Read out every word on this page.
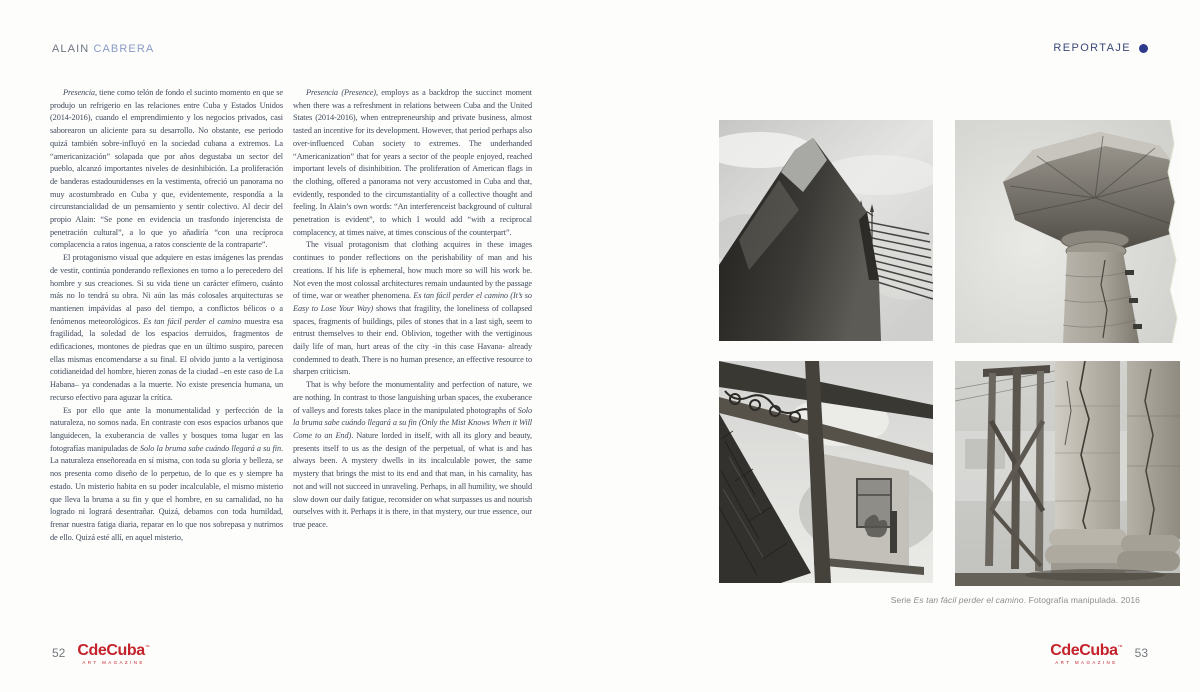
ALAIN CABRERA	REPORTAJE

Presencia, tiene como telón de fondo el sucinto momento en que se produjo un refrigerio en las relaciones entre Cuba y Estados Unidos (2014-2016), cuando el emprendimiento y los negocios privados, casi saborearon un aliciente para su desarrollo. No obstante, ese periodo quizá también sobre-influyó en la sociedad cubana a extremos. La “americanización” solapada que por años degustaba un sector del pueblo, alcanzó importantes niveles de desinhibición. La proliferación de banderas estadounidenses en la vestimenta, ofreció un panorama no muy acostumbrado en Cuba y que, evidentemente, respondía a la circunstancialidad de un pensamiento y sentir colectivo. Al decir del propio Alain: “Se pone en evidencia un trasfondo injerencista de penetración cultural”, a lo que yo añadiría “con una recíproca complacencia a ratos ingenua, a ratos consciente de la contraparte”.

El protagonismo visual que adquiere en estas imágenes las prendas de vestir, continúa ponderando reflexiones en torno a lo perecedero del hombre y sus creaciones. Si su vida tiene un carácter efímero, cuánto más no lo tendrá su obra. Ni aún las más colosales arquitecturas se mantienen impávidas al paso del tiempo, a conflictos bélicos o a fenómenos meteorológicos. Es tan fácil perder el camino muestra esa fragilidad, la soledad de los espacios derruidos, fragmentos de edificaciones, montones de piedras que en un último suspiro, parecen ellas mismas encomendarse a su final. El olvido junto a la vertiginosa cotidianeidad del hombre, hieren zonas de la ciudad –en este caso de La Habana– ya condenadas a la muerte. No existe presencia humana, un recurso efectivo para aguzar la crítica.

Es por ello que ante la monumentalidad y perfección de la naturaleza, no somos nada. En contraste con esos espacios urbanos que languidecen, la exuberancia de valles y bosques toma lugar en las fotografías manipuladas de Solo la bruma sabe cuándo llegará a su fin. La naturaleza enseñoreada en sí misma, con toda su gloria y belleza, se nos presenta como diseño de lo perpetuo, de lo que es y siempre ha estado. Un misterio habita en su poder incalculable, el mismo misterio que lleva la bruma a su fin y que el hombre, en su carnalidad, no ha logrado ni logrará desentrañar. Quizá, debamos con toda humildad, frenar nuestra fatiga diaria, reparar en lo que nos sobrepasa y nutrirnos de ello. Quizá esté allí, en aquel misterio,

Presencia (Presence), employs as a backdrop the succinct moment when there was a refreshment in relations between Cuba and the United States (2014-2016), when entrepreneurship and private business, almost tasted an incentive for its development. However, that period perhaps also over-influenced Cuban society to extremes. The underhanded “Americanization” that for years a sector of the people enjoyed, reached important levels of disinhibition. The proliferation of American flags in the clothing, offered a panorama not very accustomed in Cuba and that, evidently, responded to the circumstantiality of a collective thought and feeling. In Alain’s own words: “An interferenceist background of cultural penetration is evident”, to which I would add “with a reciprocal complacency, at times naive, at times conscious of the counterpart”.

The visual protagonism that clothing acquires in these images continues to ponder reflections on the perishability of man and his creations. If his life is ephemeral, how much more so will his work be. Not even the most colossal architectures remain undaunted by the passage of time, war or weather phenomena. Es tan fácil perder el camino (It’s so Easy to Lose Your Way) shows that fragility, the loneliness of collapsed spaces, fragments of buildings, piles of stones that in a last sigh, seem to entrust themselves to their end. Oblivion, together with the vertiginous daily life of man, hurt areas of the city -in this case Havana- already condemned to death. There is no human presence, an effective resource to sharpen criticism.

That is why before the monumentality and perfection of nature, we are nothing. In contrast to those languishing urban spaces, the exuberance of valleys and forests takes place in the manipulated photographs of Solo la bruma sabe cuándo llegará a su fin (Only the Mist Knows When it Will Come to an End). Nature lorded in itself, with all its glory and beauty, presents itself to us as the design of the perpetual, of what is and has always been. A mystery dwells in its incalculable power, the same mystery that brings the mist to its end and that man, in his carnality, has not and will not succeed in unraveling. Perhaps, in all humility, we should slow down our daily fatigue, reconsider on what surpasses us and nourish ourselves with it. Perhaps it is there, in that mystery, our true essence, our true peace.

Serie Es tan fácil perder el camino. Fotografía manipulada. 2016
52 CdeCuba™
ART MAGAZINE
CdeCuba™
ART MAGAZINE
53
